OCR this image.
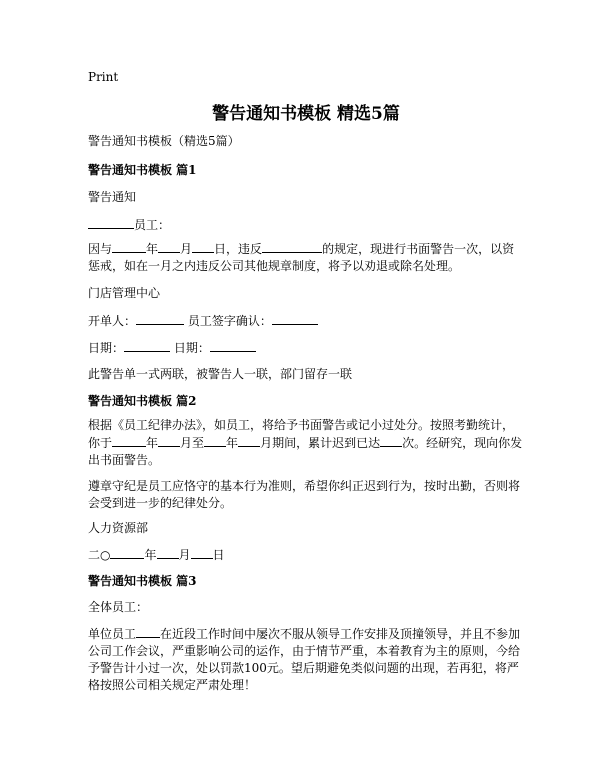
Print
警告通知书模板 精选5篇
警告通知书模板（精选5篇）
警告通知书模板 篇1
警告通知
员工：
因与	年 月 日，违反	的规定，现进行书面警告一次，以资
惩戒，如在一月之内违反公司其他规章制度，将予以劝退或除名处理。
门店管理中心
开单人：	员工签字确认：
日期：	日期：
此警告单一式两联，被警告人一联，部门留存一联
警告通知书模板 篇2
根据《员工纪律办法》，如员工，将给予书面警告或记小过处分。按照考勤统计，
你于	年 月至 年 月期间，累计迟到已达 次。经研究，现向你发
出书面警告。
遵章守纪是员工应恪守的基本行为准则，希望你纠正迟到行为，按时出勤，否则将
会受到进一步的纪律处分。
人力资源部
二○	年 月 日
警告通知书模板 篇3
全体员工：
单位员工 在近段工作时间中屡次不服从领导工作安排及顶撞领导，并且不参加
公司工作会议，严重影响公司的运作，由于情节严重，本着教育为主的原则，今给
予警告计小过一次，处以罚款100元。望后期避免类似问题的出现，若再犯，将严
格按照公司相关规定严肃处理！
